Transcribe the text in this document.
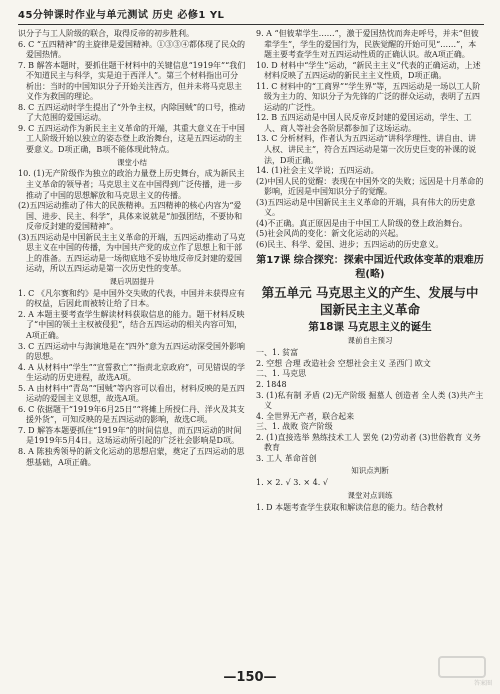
45分钟课时作业与单元测试 历史 必修1 YL

识分子与工人阶级的联合，取得反帝的初步胜利。

6. C “五四精神”的主旋律是爱国精神。①③③④都体现了民众的爱国热情。

7. B 解答本题时，要抓住题干材料中的关键信息“1919年”“我们不知道民主与科学，实是迫于西洋人”。第三个材料指出可分析出：当时的中国知识分子开始关注西方，但并未将马克思主义作为救国的理论。

8. C 五四运动时学生提出了“外争主权，内除国贼”的口号，推动了大范围的爱国运动。

9. C 五四运动作为新民主主义革命的开端，其重大意义在于中国工人阶级开始以独立的姿态登上政治舞台，这是五四运动的主要意义。D项正确，B项不能体现此特点。

课堂小结

10. (1)无产阶级作为独立的政治力量登上历史舞台，成为新民主主义革命的领导者；马克思主义在中国得到广泛传播，进一步推动了中国的思想解放和马克思主义的传播。

(2)五四运动推动了伟大的民族精神。五四精神的核心内容为“爱国、进步、民主、科学”，具体来说就是“加强团结，不要协和反帝反封建的爱国精神”。

(3)五四运动是中国新民主主义革命的开端，五四运动推动了马克思主义在中国的传播，为中国共产党的成立作了思想上和干部上的准备。五四运动是一场彻底地不妥协地反帝反封建的爱国运动，所以五四运动是第一次历史性的变革。

课后巩固提升

1. C 《凡尔赛和约》是中国外交失败的代表，中国并未获得应有的权益，后因此而被转让给了日本。

2. A 本题主要考查学生解读材料获取信息的能力。题干材料反映了“中国的领土主权被侵犯”，结合五四运动的相关内容可知，A项正确。

3. C 五四运动中与海演地是在“四外”意为五四运动深受国外影响的思想。

4. A 从材料中“学生”“宣誓救亡”“指责北京政府”，可见错误的学生运动的历史进程，故选A项。

5. A 由材料中“青岛”“国贼”等内容可以看出，材料反映的是五四运动的爱国主义思想，故选A项。

6. C 依据题干“1919年6月25日”“将摊上所授仁丹、洋火及其支援外货”，可知反映的是五四运动的影响，故选C项。

7. D 解答本题要抓住“1919年”的时间信息，而五四运动的时间是1919年5月4日。这场运动所引起的广泛社会影响是D项。

8. A 陈独秀领导的新文化运动的思想启蒙，奠定了五四运动的思想基础，A项正确。

9. A “但彼辈学生……”，激于爱国热忱而奔走呼号，并未“但彼辈学生”，学生的爱国行为，民族觉醒的开始可见“……”，本题主要考查学生对五四运动性质的正确认识。故A项正确。

10. D 材料中“学生”运动，“新民主主义”代表的正确运动，上述材料反映了五四运动的新民主主义性质，D项正确。

11. C 材料中的“工商界”“学生界”等，五四运动是一场以工人阶级为主力的、知识分子为先锋的广泛的群众运动，表明了五四运动的广泛性。

12. B 五四运动是中国人民反帝反封建的爱国运动，学生、工人、商人等社会各阶层都参加了这场运动。

13. C 分析材料，作者认为五四运动“讲科学理性、讲自由、讲人权、讲民主”，符合五四运动是第一次历史巨变的补课的说法，D项正确。

14. (1)社会主义学说；五四运动。

(2)中国人民的觉醒：表现在中国外交的失败；远因是十月革命的影响，近因是中国知识分子的觉醒。

(3)五四运动是中国新民主主义革命的开端，具有伟大的历史意义。

(4)不正确。真正原因是由于中国工人阶级的登上政治舞台。

(5)社会风尚的变化：新文化运动的兴起。

(6)民主、科学、爱国、进步；五四运动的历史意义。

第17课 综合探究：探索中国近代政体变革的艰难历程(略)
第五单元 马克思主义的产生、发展与中国新民主主义革命
第18课 马克思主义的诞生
课前自主预习

一、1. 贫富

2. 空想 合理 改造社会 空想社会主义 圣西门 欧文

二、1. 马克思

2. 1848

3. (1)私有制 矛盾 (2)无产阶级 掘墓人 创造者 全人类 (3)共产主义

4. 全世界无产者，联合起来

三、1. 战败 资产阶级

2. (1)直接选举 熟练技术工人 罢免 (2)劳动者 (3)世俗教育 义务教育

3. 工人 革命首创

知识点判断

1. × 2. √ 3. × 4. √

课堂对点训练

1. D 本题考查学生获取和解读信息的能力。结合教材

—150—	答案圈
